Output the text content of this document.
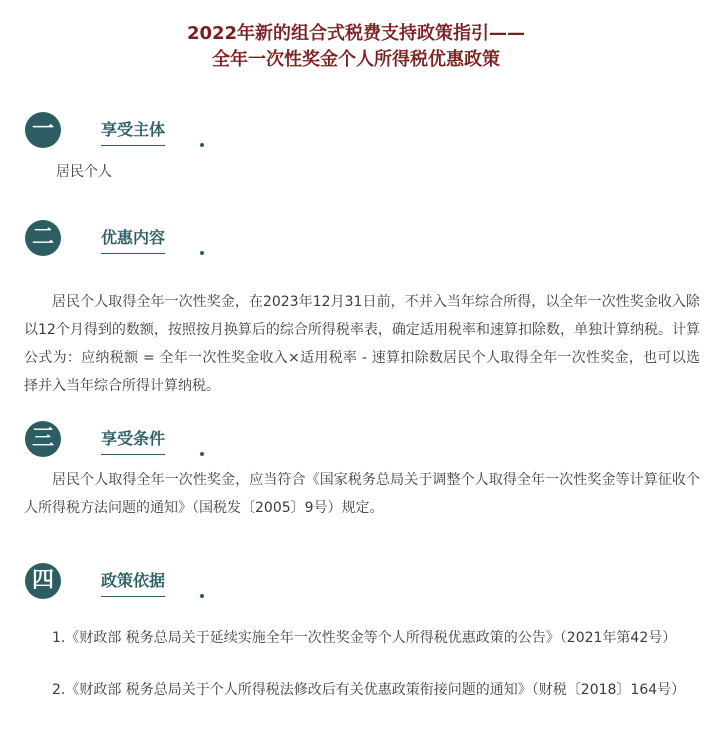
2022年新的组合式税费支持政策指引——
全年一次性奖金个人所得税优惠政策
一	享受主体
居民个人
二	优惠内容
居民个人取得全年一次性奖金，在2023年12月31日前，不并入当年综合所得，以全年一次性奖金收入除以12个月得到的数额，按照按月换算后的综合所得税率表，确定适用税率和速算扣除数，单独计算纳税。计算公式为：应纳税额 = 全年一次性奖金收入×适用税率 - 速算扣除数居民个人取得全年一次性奖金，也可以选择并入当年综合所得计算纳税。
三	享受条件
居民个人取得全年一次性奖金，应当符合《国家税务总局关于调整个人取得全年一次性奖金等计算征收个人所得税方法问题的通知》（国税发〔2005〕9号）规定。
四	政策依据
1.《财政部 税务总局关于延续实施全年一次性奖金等个人所得税优惠政策的公告》（2021年第42号）
2.《财政部 税务总局关于个人所得税法修改后有关优惠政策衔接问题的通知》（财税〔2018〕164号）
